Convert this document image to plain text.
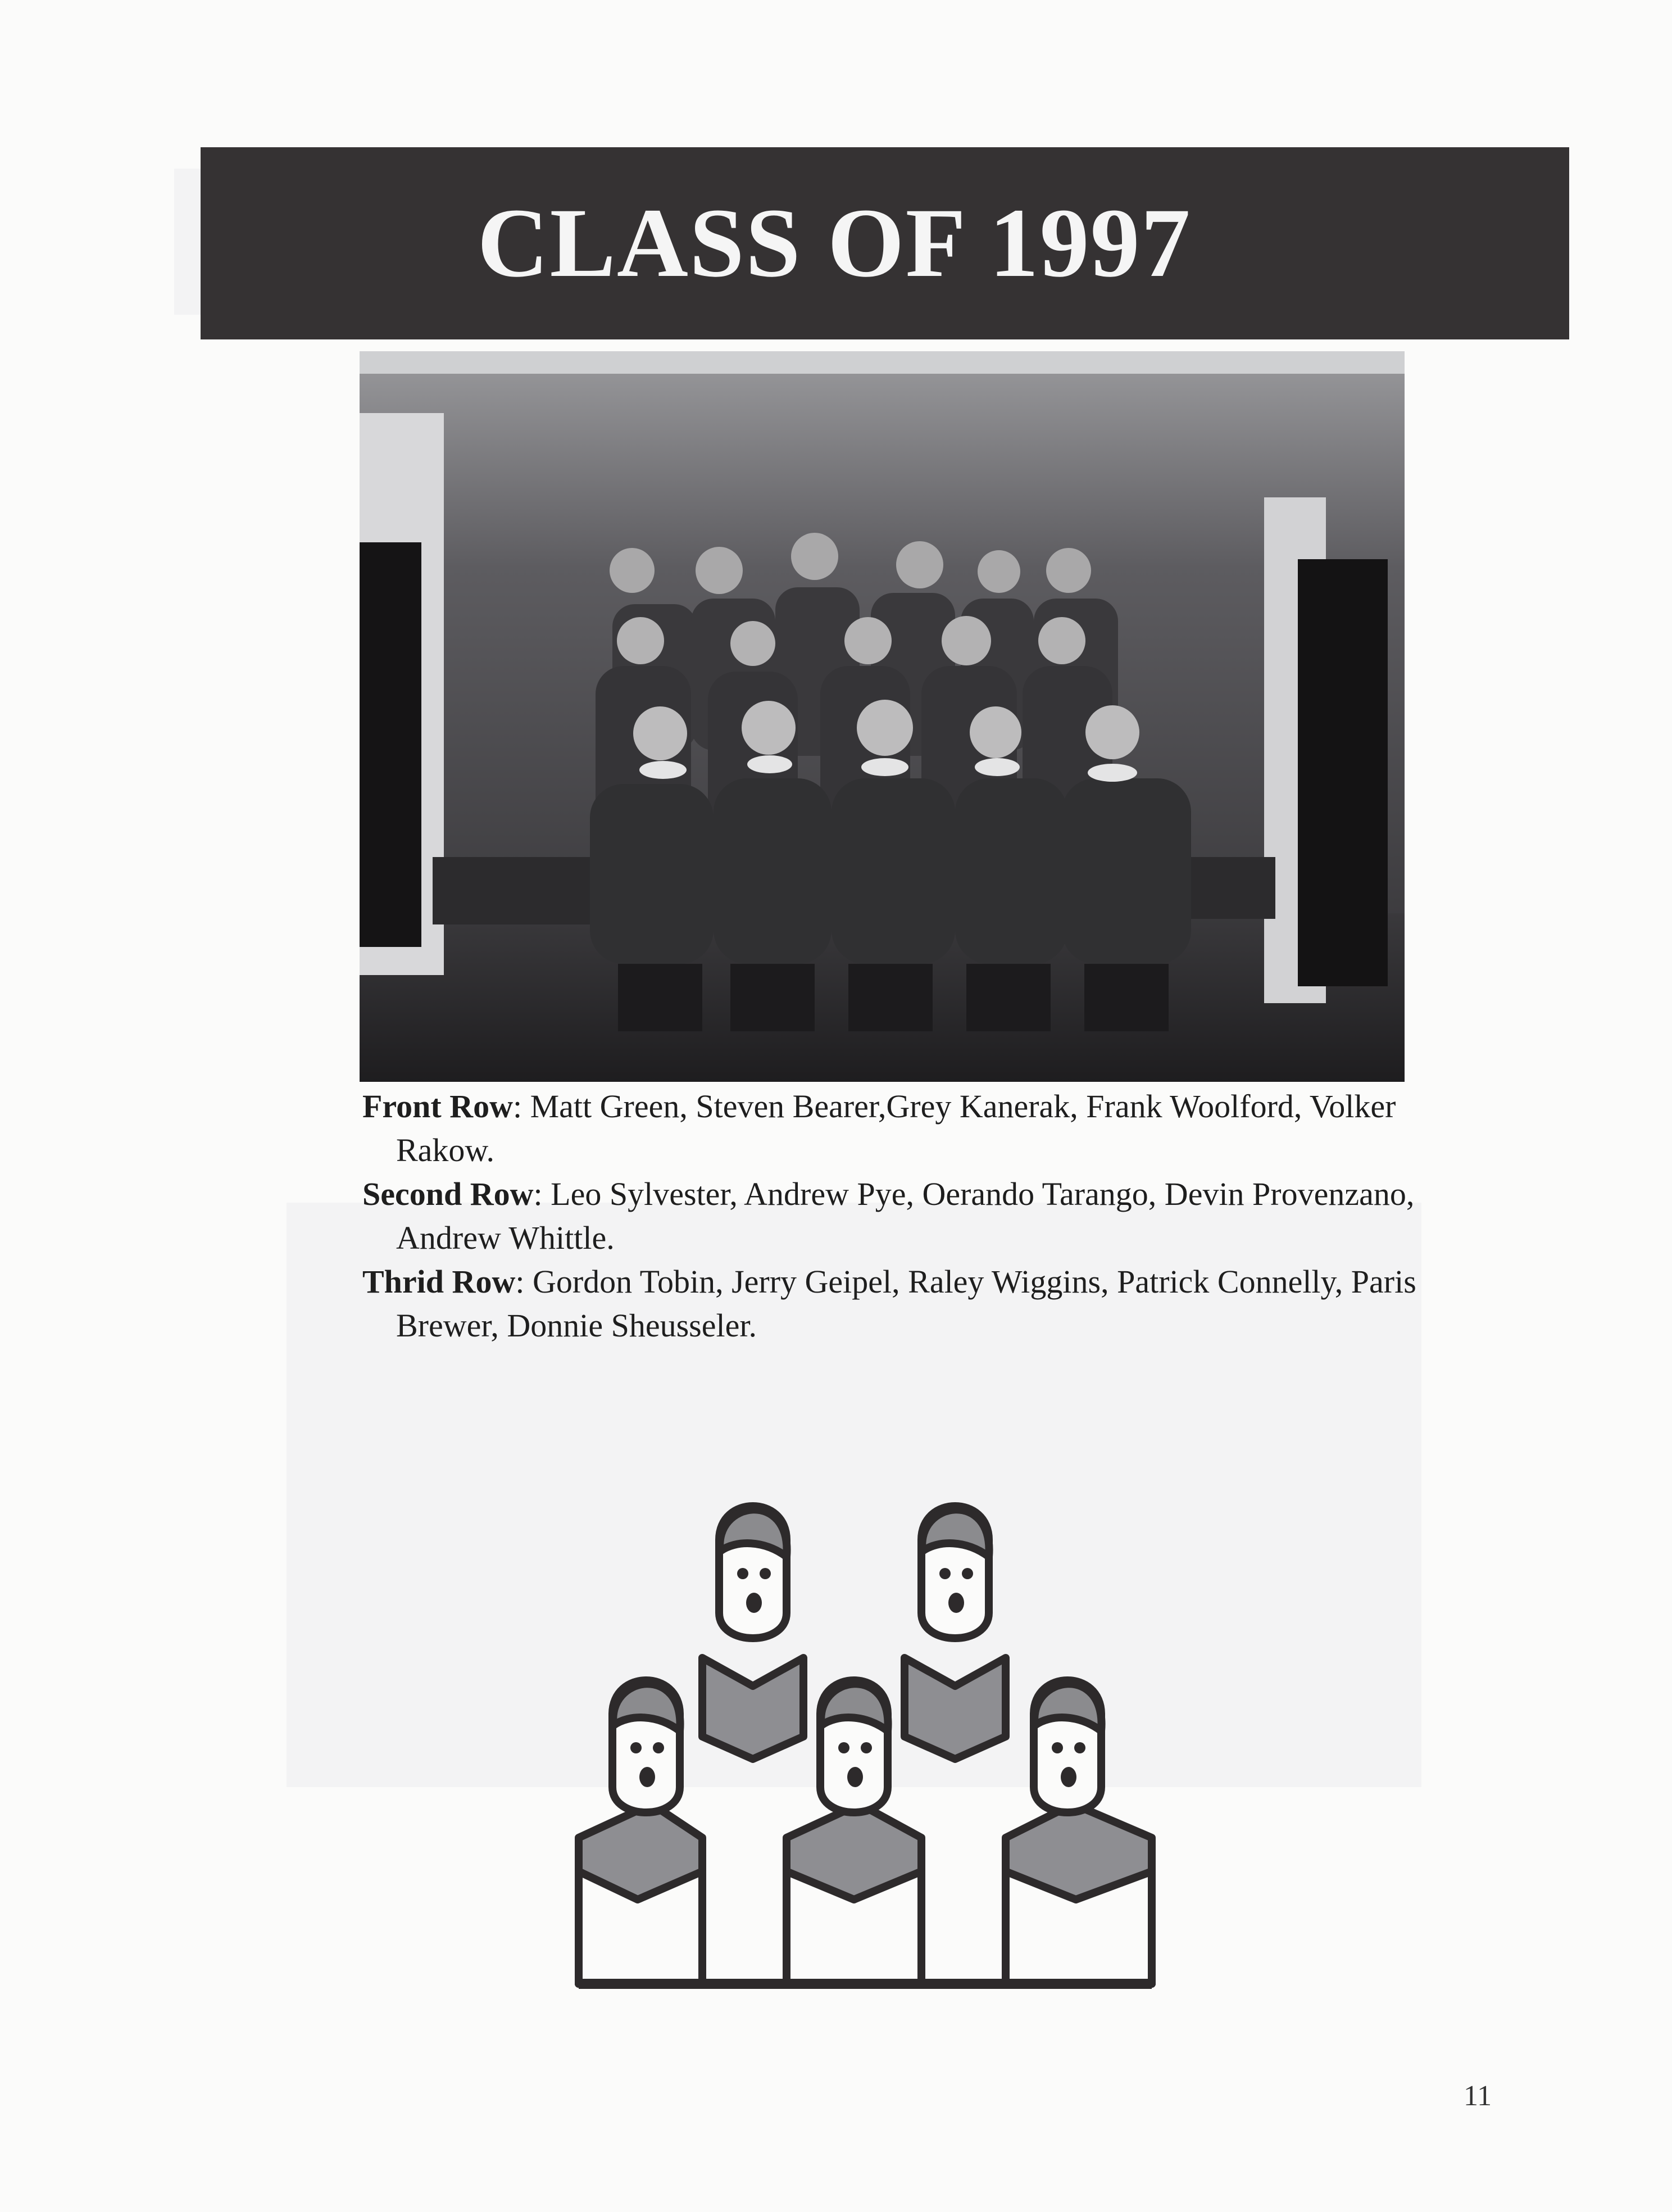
CLASS OF 1997

Front Row: Matt Green, Steven Bearer,Grey Kanerak, Frank Woolford, Volker Rakow.

Second Row: Leo Sylvester, Andrew Pye, Oerando Tarango, Devin Provenzano, Andrew Whittle.

Thrid Row: Gordon Tobin, Jerry Geipel, Raley Wiggins, Patrick Connelly, Paris Brewer, Donnie Sheusseler.

11
